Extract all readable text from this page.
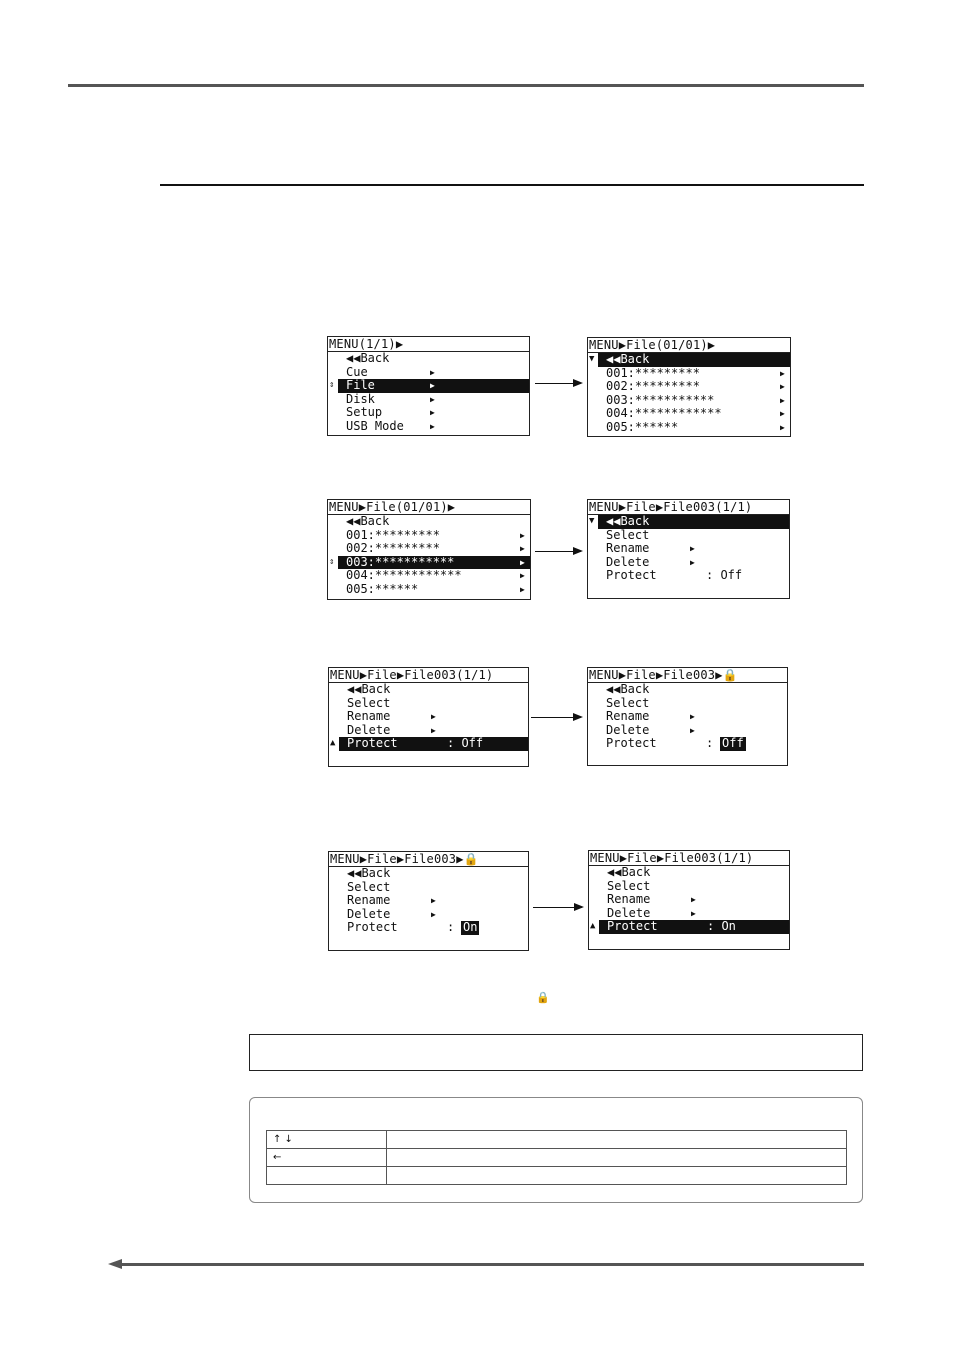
MENU(1/1)▶
◀◀Back
Cue	▶
⇕ File	▶
Disk	▶
Setup	▶
USB Mode	▶
MENU▶File(01/01)▶
▼ ◀◀Back
001:*********	▶
002:*********	▶
003:***********	▶
004:************	▶
005:******	▶
MENU▶File(01/01)▶
◀◀Back
001:*********	▶
002:*********	▶
⇕ 003:***********	▶
004:************	▶
005:******	▶
MENU▶File▶File003(1/1)
▼ ◀◀Back
Select
Rename	▶
Delete	▶
Protect	: Off
MENU▶File▶File003(1/1)
◀◀Back
Select
Rename	▶
Delete	▶
▲ Protect	: Off
MENU▶File▶File003▶🔒
◀◀Back
Select
Rename	▶
Delete	▶
Protect	: Off
MENU▶File▶File003▶🔒
◀◀Back
Select
Rename	▶
Delete	▶
Protect	: On
MENU▶File▶File003(1/1)
◀◀Back
Select
Rename	▶
Delete	▶
▲ Protect	: On
🔒
↑ ↓	
←	
